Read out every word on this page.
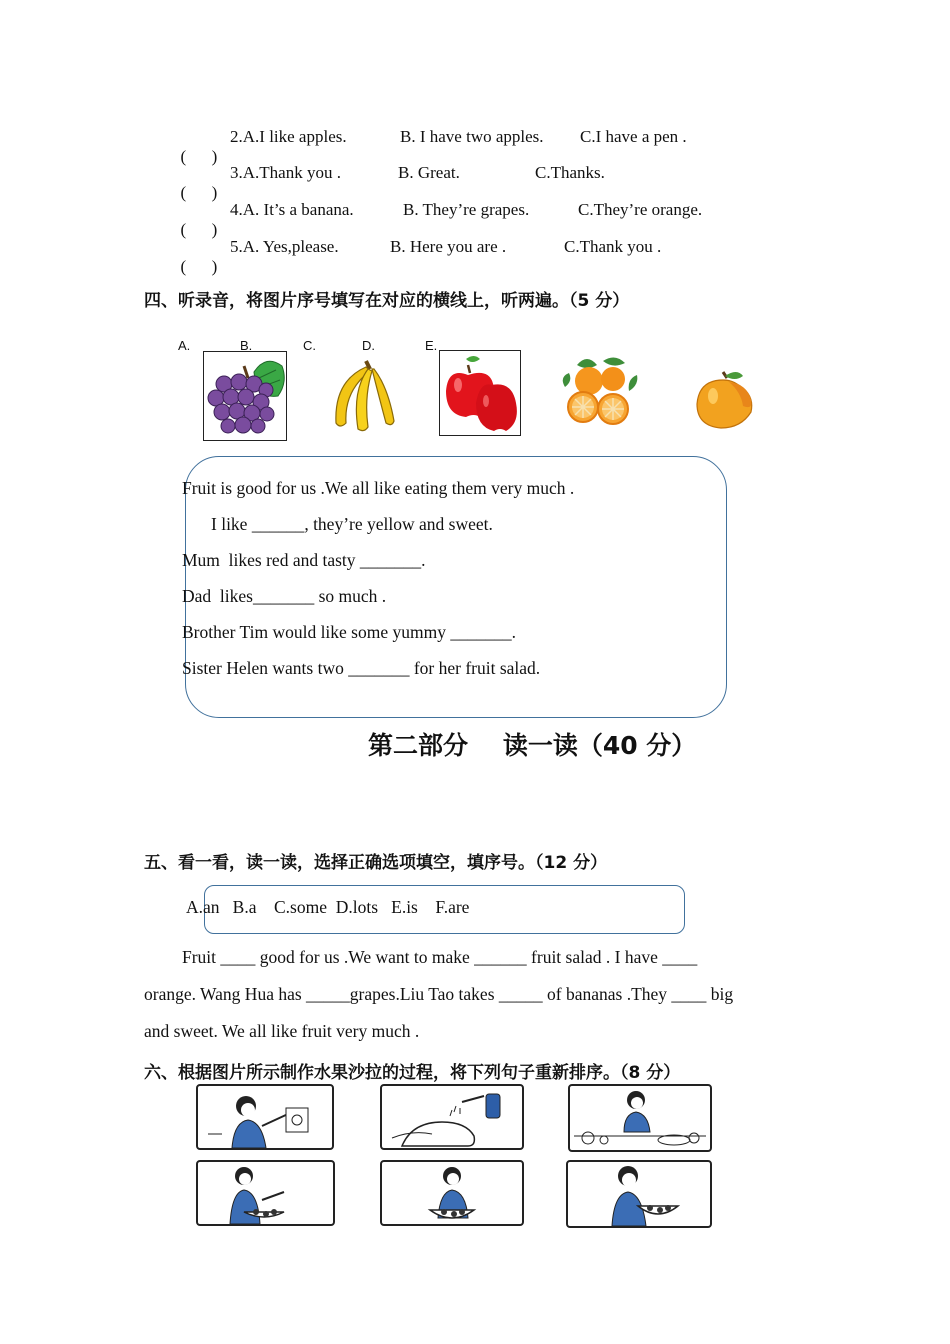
(      )

2.A.I like apples.	B. I have two apples. C.I have a pen .

(      )

3.A.Thank you .	B. Great.	C.Thanks.

(      )

4.A. It’s a banana.	B. They’re grapes.	C.They’re orange.

(      )

5.A. Yes,please.	B. Here you are .	C.Thank you .
四、听录音，将图片序号填写在对应的横线上，听两遍。（5 分）
A.	B.	C.	D.	E.
Fruit is good for us .We all like eating them very much .
I like ______, they’re yellow and sweet.
Mum  likes red and tasty _______.
Dad  likes_______ so much .
Brother Tim would like some yummy _______.
Sister Helen wants two _______ for her fruit salad.
第二部分    读一读（40 分）
五、看一看，读一读，选择正确选项填空，填序号。（12 分）
A.an   B.a    C.some  D.lots   E.is    F.are
Fruit ____ good for us .We want to make ______ fruit salad . I have ____
orange. Wang Hua has _____grapes.Liu Tao takes _____ of bananas .They ____ big
and sweet. We all like fruit very much .
六、根据图片所示制作水果沙拉的过程，将下列句子重新排序。（8 分）
